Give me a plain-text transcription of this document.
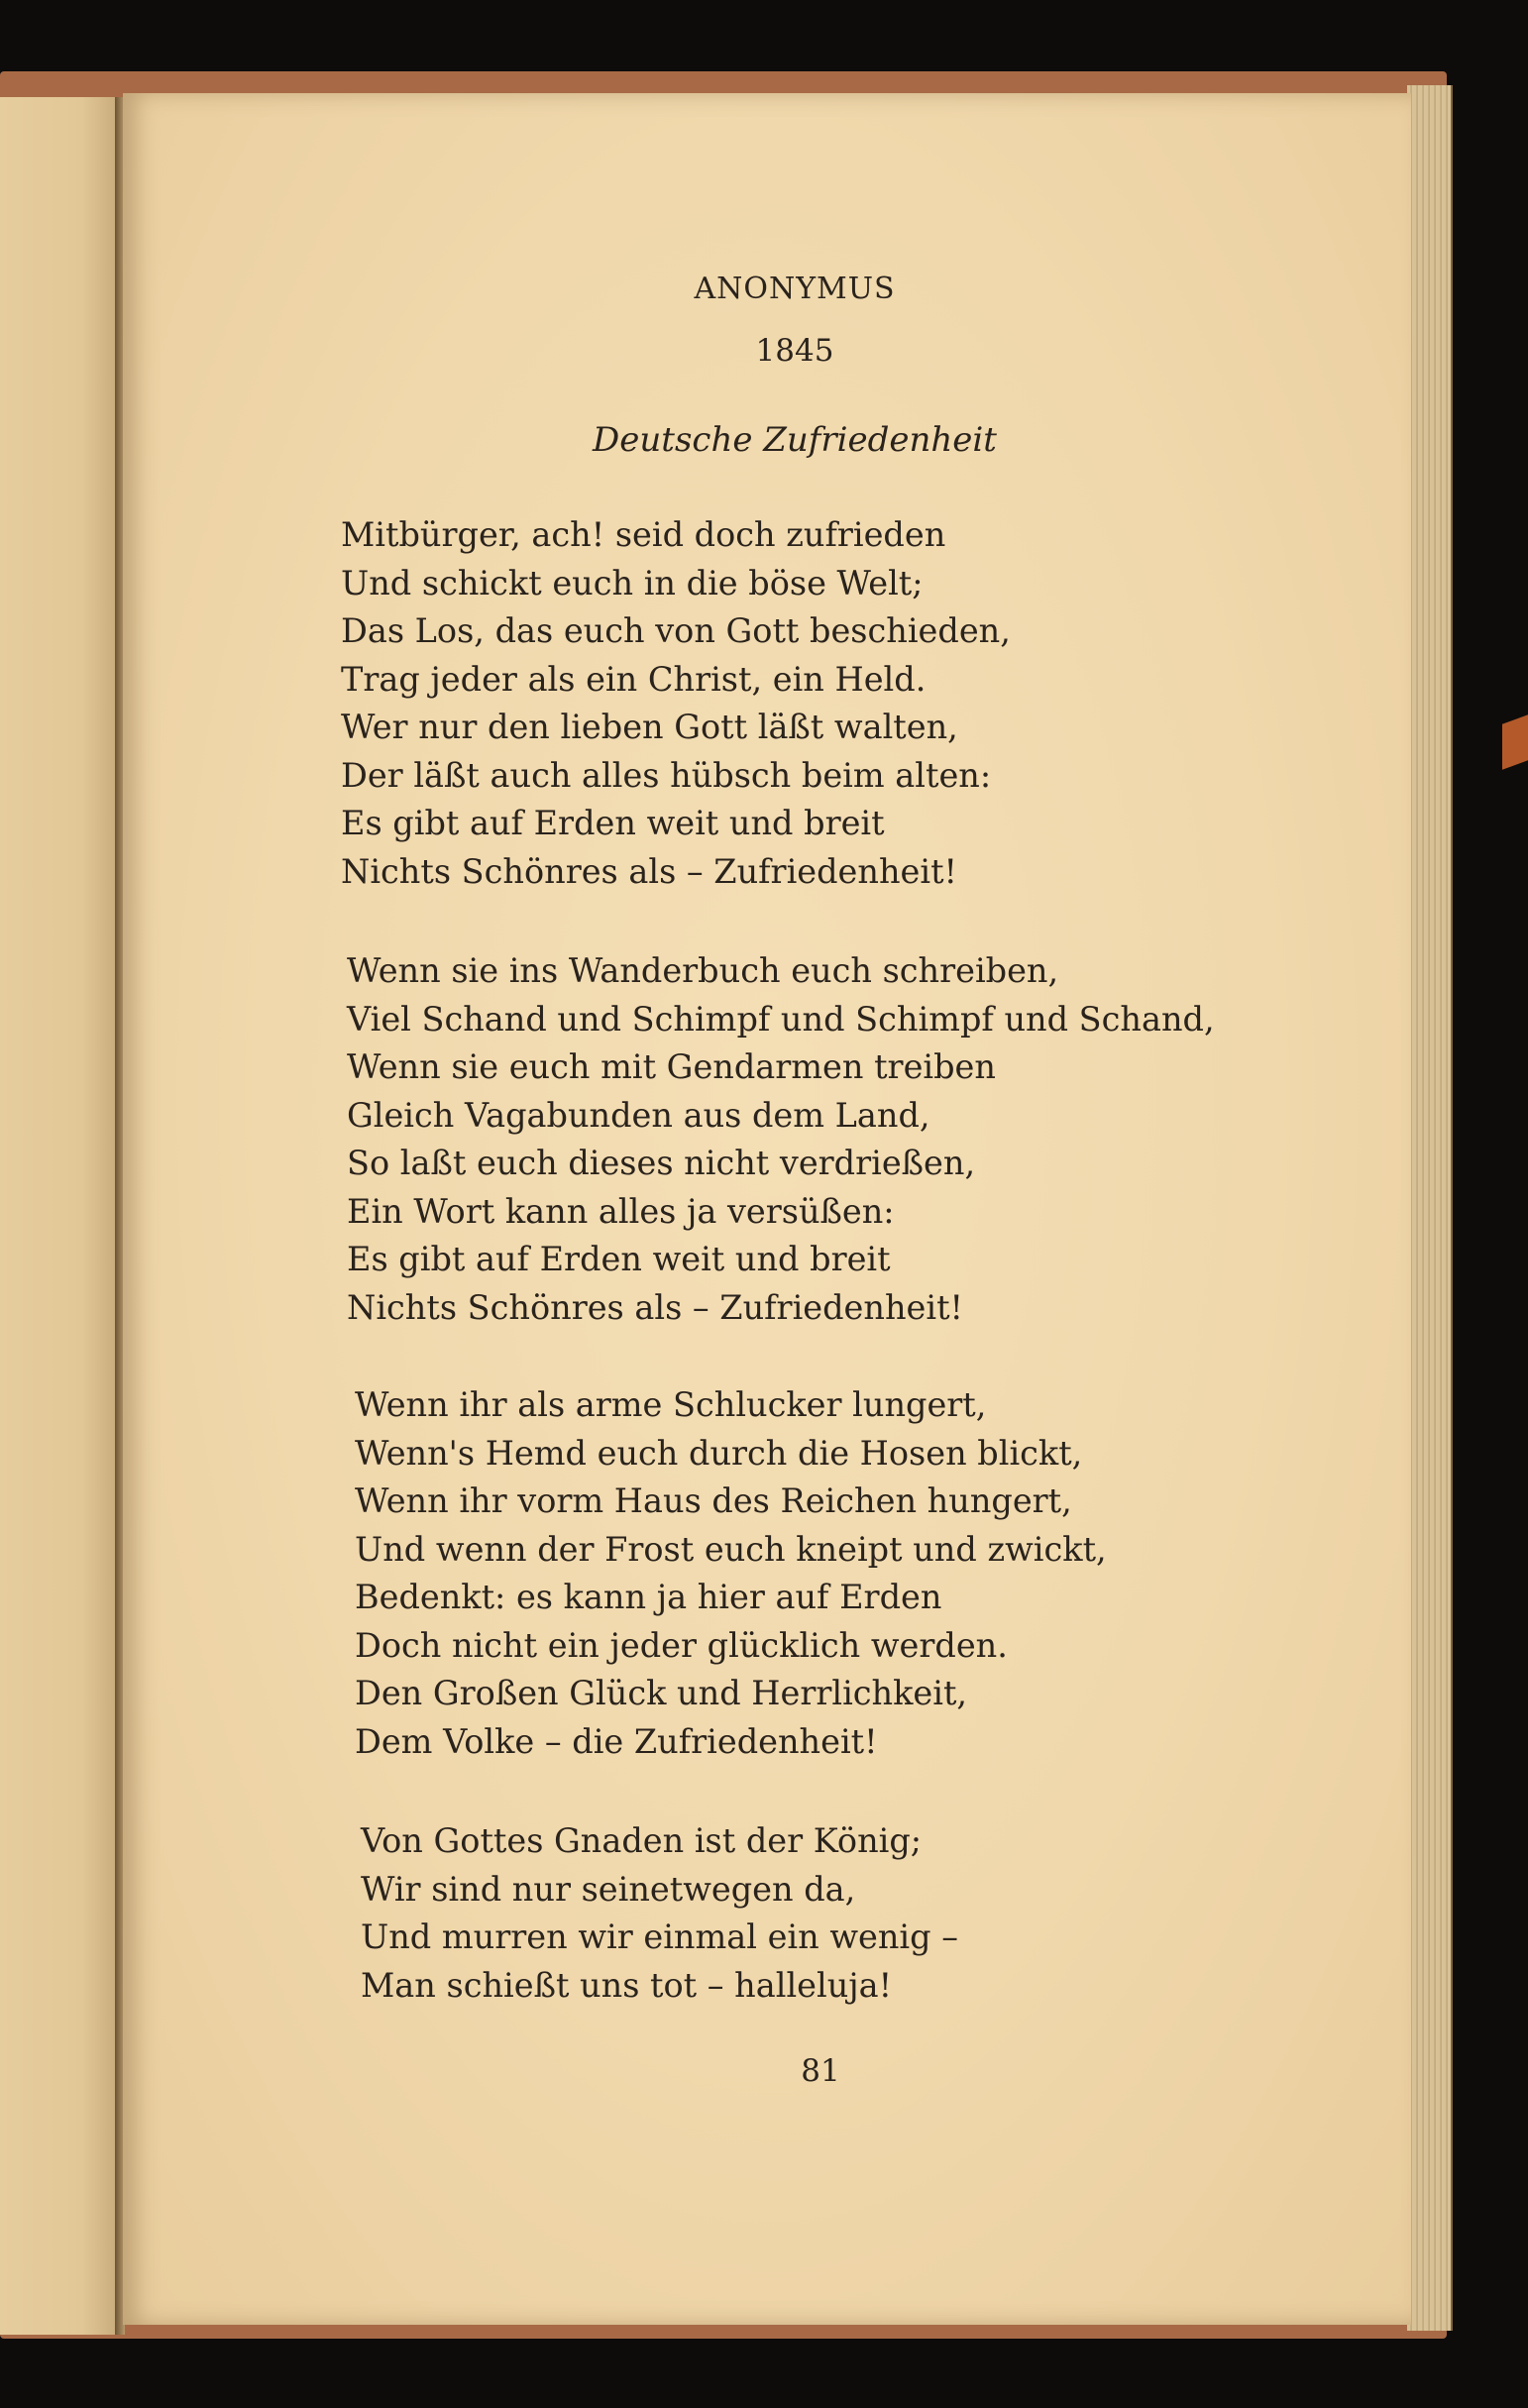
ANONYMUS
1845
Deutsche Zufriedenheit
Mitbürger, ach! seid doch zufrieden
Und schickt euch in die böse Welt;
Das Los, das euch von Gott beschieden,
Trag jeder als ein Christ, ein Held.
Wer nur den lieben Gott läßt walten,
Der läßt auch alles hübsch beim alten:
Es gibt auf Erden weit und breit
Nichts Schönres als – Zufriedenheit!
Wenn sie ins Wanderbuch euch schreiben,
Viel Schand und Schimpf und Schimpf und Schand,
Wenn sie euch mit Gendarmen treiben
Gleich Vagabunden aus dem Land,
So laßt euch dieses nicht verdrießen,
Ein Wort kann alles ja versüßen:
Es gibt auf Erden weit und breit
Nichts Schönres als – Zufriedenheit!
Wenn ihr als arme Schlucker lungert,
Wenn's Hemd euch durch die Hosen blickt,
Wenn ihr vorm Haus des Reichen hungert,
Und wenn der Frost euch kneipt und zwickt,
Bedenkt: es kann ja hier auf Erden
Doch nicht ein jeder glücklich werden.
Den Großen Glück und Herrlichkeit,
Dem Volke – die Zufriedenheit!
Von Gottes Gnaden ist der König;
Wir sind nur seinetwegen da,
Und murren wir einmal ein wenig –
Man schießt uns tot – halleluja!
81
